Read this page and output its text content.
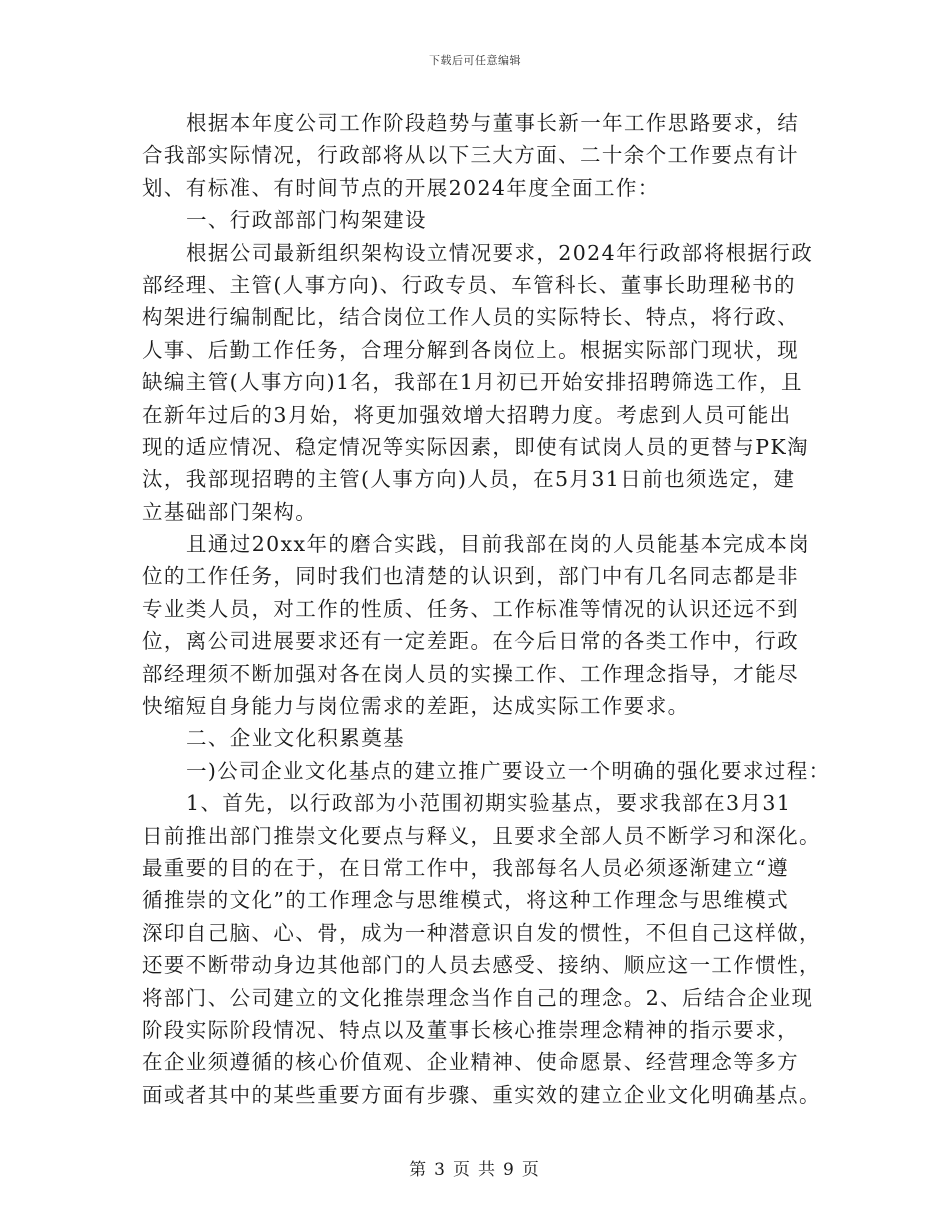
下载后可任意编辑
根据本年度公司工作阶段趋势与董事长新一年工作思路要求，结
合我部实际情况，行政部将从以下三大方面、二十余个工作要点有计
划、有标准、有时间节点的开展2024年度全面工作：
一、行政部部门构架建设
根据公司最新组织架构设立情况要求，2024年行政部将根据行政
部经理、主管(人事方向)、行政专员、车管科长、董事长助理秘书的
构架进行编制配比，结合岗位工作人员的实际特长、特点，将行政、
人事、后勤工作任务，合理分解到各岗位上。根据实际部门现状，现
缺编主管(人事方向)1名，我部在1月初已开始安排招聘筛选工作，且
在新年过后的3月始，将更加强效增大招聘力度。考虑到人员可能出
现的适应情况、稳定情况等实际因素，即使有试岗人员的更替与PK淘
汰，我部现招聘的主管(人事方向)人员，在5月31日前也须选定，建
立基础部门架构。
且通过20xx年的磨合实践，目前我部在岗的人员能基本完成本岗
位的工作任务，同时我们也清楚的认识到，部门中有几名同志都是非
专业类人员，对工作的性质、任务、工作标准等情况的认识还远不到
位，离公司进展要求还有一定差距。在今后日常的各类工作中，行政
部经理须不断加强对各在岗人员的实操工作、工作理念指导，才能尽
快缩短自身能力与岗位需求的差距，达成实际工作要求。
二、企业文化积累奠基
一)公司企业文化基点的建立推广要设立一个明确的强化要求过程：
1、首先，以行政部为小范围初期实验基点，要求我部在3月31
日前推出部门推崇文化要点与释义，且要求全部人员不断学习和深化。
最重要的目的在于，在日常工作中，我部每名人员必须逐渐建立“遵
循推崇的文化”的工作理念与思维模式，将这种工作理念与思维模式
深印自己脑、心、骨，成为一种潜意识自发的惯性，不但自己这样做，
还要不断带动身边其他部门的人员去感受、接纳、顺应这一工作惯性，
将部门、公司建立的文化推崇理念当作自己的理念。2、后结合企业现
阶段实际阶段情况、特点以及董事长核心推崇理念精神的指示要求，
在企业须遵循的核心价值观、企业精神、使命愿景、经营理念等多方
面或者其中的某些重要方面有步骤、重实效的建立企业文化明确基点。
第 3 页 共 9 页
